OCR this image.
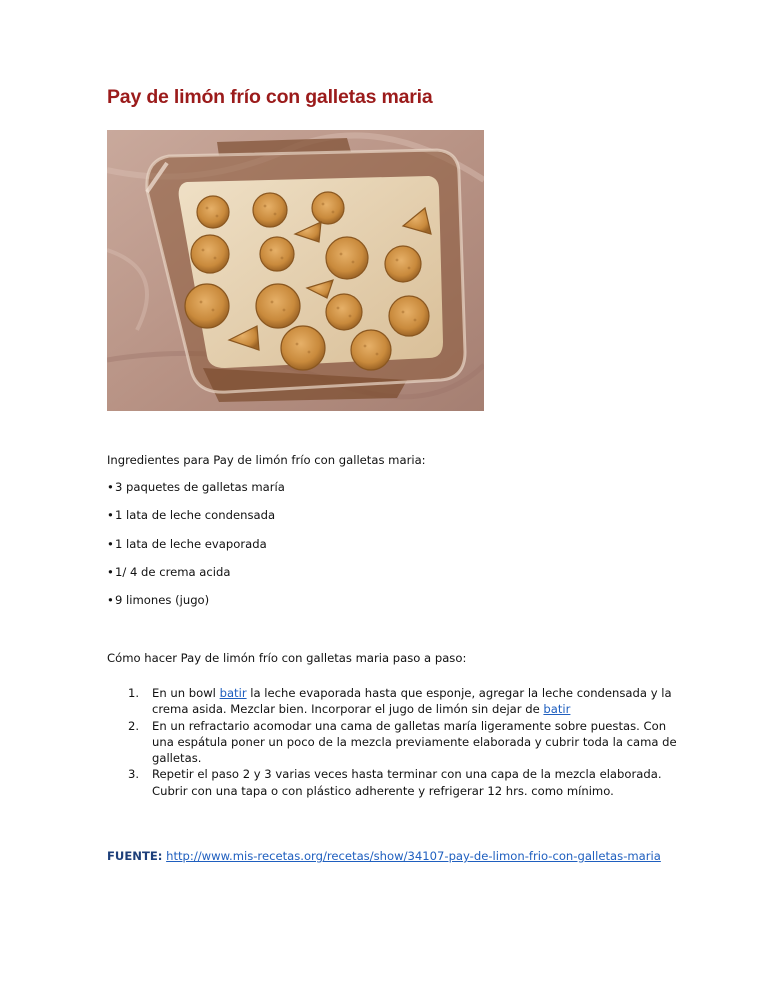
Pay de limón frío con galletas maria

Ingredientes para Pay de limón frío con galletas maria:

•3 paquetes de galletas maría
•1 lata de leche condensada
•1 lata de leche evaporada
•1/ 4 de crema acida
•9 limones (jugo)

Cómo hacer Pay de limón frío con galletas maria paso a paso:

1. En un bowl batir la leche evaporada hasta que esponje, agregar la leche condensada y la
crema asida. Mezclar bien. Incorporar el jugo de limón sin dejar de batir
2. En un refractario acomodar una cama de galletas maría ligeramente sobre puestas. Con
una espátula poner un poco de la mezcla previamente elaborada y cubrir toda la cama de
galletas.
3. Repetir el paso 2 y 3 varias veces hasta terminar con una capa de la mezcla elaborada.
Cubrir con una tapa o con plástico adherente y refrigerar 12 hrs. como mínimo.

FUENTE: http://www.mis-recetas.org/recetas/show/34107-pay-de-limon-frio-con-galletas-maria
